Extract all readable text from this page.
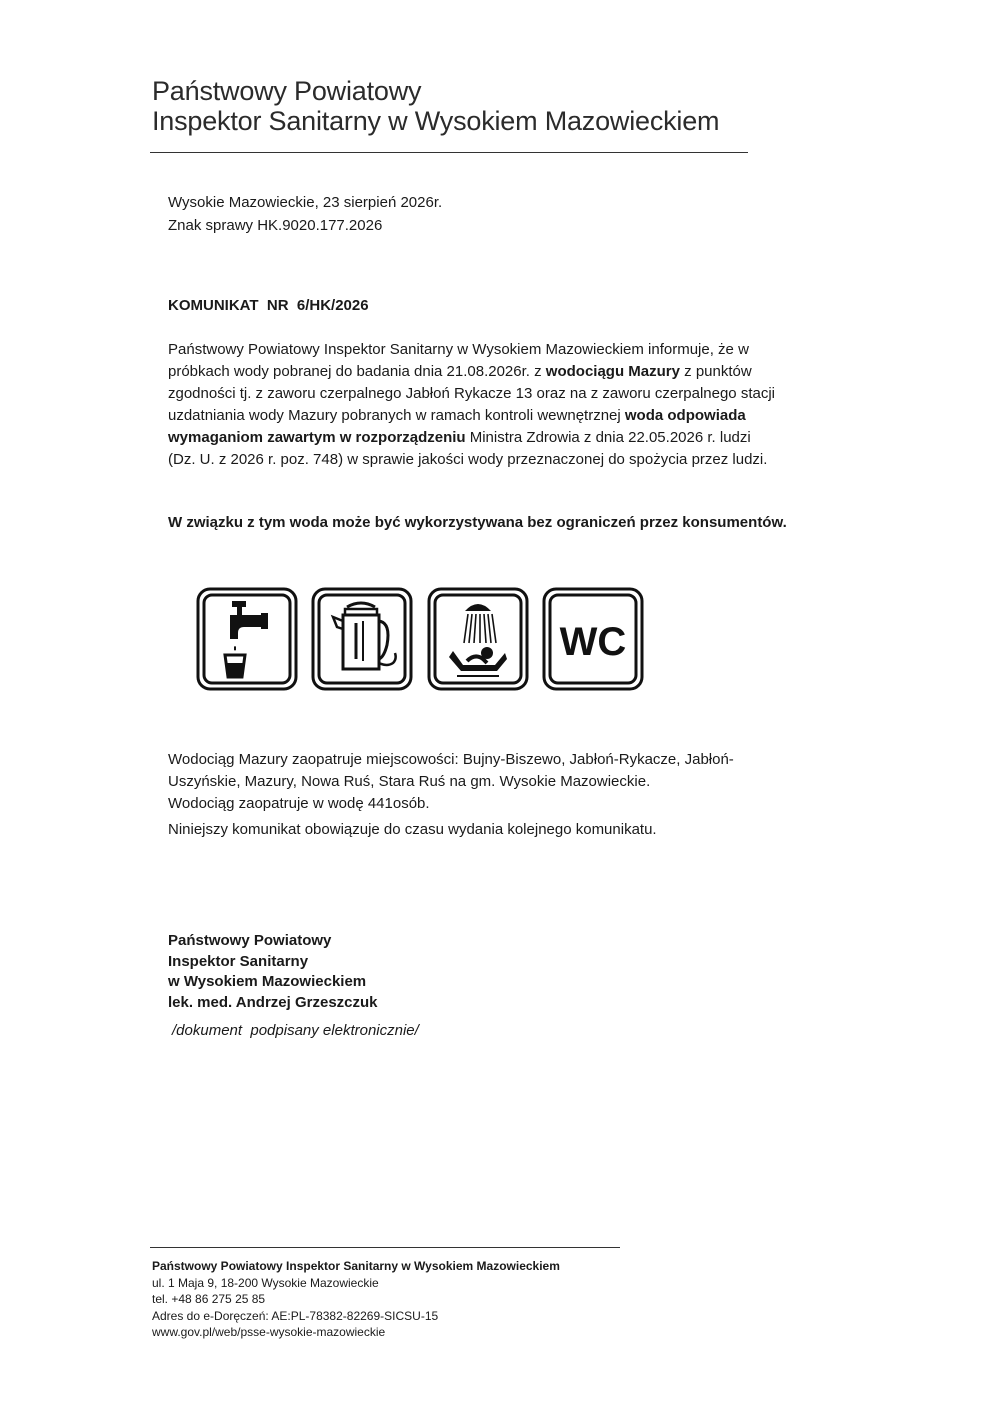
Państwowy Powiatowy
Inspektor Sanitarny w Wysokiem Mazowieckiem
Wysokie Mazowieckie, 23 sierpień 2026r.
Znak sprawy HK.9020.177.2026
KOMUNIKAT  NR  6/HK/2026
Państwowy Powiatowy Inspektor Sanitarny w Wysokiem Mazowieckiem informuje, że w
próbkach wody pobranej do badania dnia 21.08.2026r. z wodociągu Mazury z punktów
zgodności tj. z zaworu czerpalnego Jabłoń Rykacze 13 oraz na z zaworu czerpalnego stacji
uzdatniania wody Mazury pobranych w ramach kontroli wewnętrznej woda odpowiada
wymaganiom zawartym w rozporządzeniu Ministra Zdrowia z dnia 22.05.2026 r. ludzi
(Dz. U. z 2026 r. poz. 748) w sprawie jakości wody przeznaczonej do spożycia przez ludzi.
W związku z tym woda może być wykorzystywana bez ograniczeń przez konsumentów.
WC
Wodociąg Mazury zaopatruje miejscowości: Bujny-Biszewo, Jabłoń-Rykacze, Jabłoń-
Uszyńskie, Mazury, Nowa Ruś, Stara Ruś na gm. Wysokie Mazowieckie.
Wodociąg zaopatruje w wodę 441osób.
Niniejszy komunikat obowiązuje do czasu wydania kolejnego komunikatu.
Państwowy Powiatowy
Inspektor Sanitarny
w Wysokiem Mazowieckiem
lek. med. Andrzej Grzeszczuk
/dokument  podpisany elektronicznie/
Państwowy Powiatowy Inspektor Sanitarny w Wysokiem Mazowieckiem
ul. 1 Maja 9, 18-200 Wysokie Mazowieckie
tel. +48 86 275 25 85
Adres do e-Doręczeń: AE:PL-78382-82269-SICSU-15
www.gov.pl/web/psse-wysokie-mazowieckie
